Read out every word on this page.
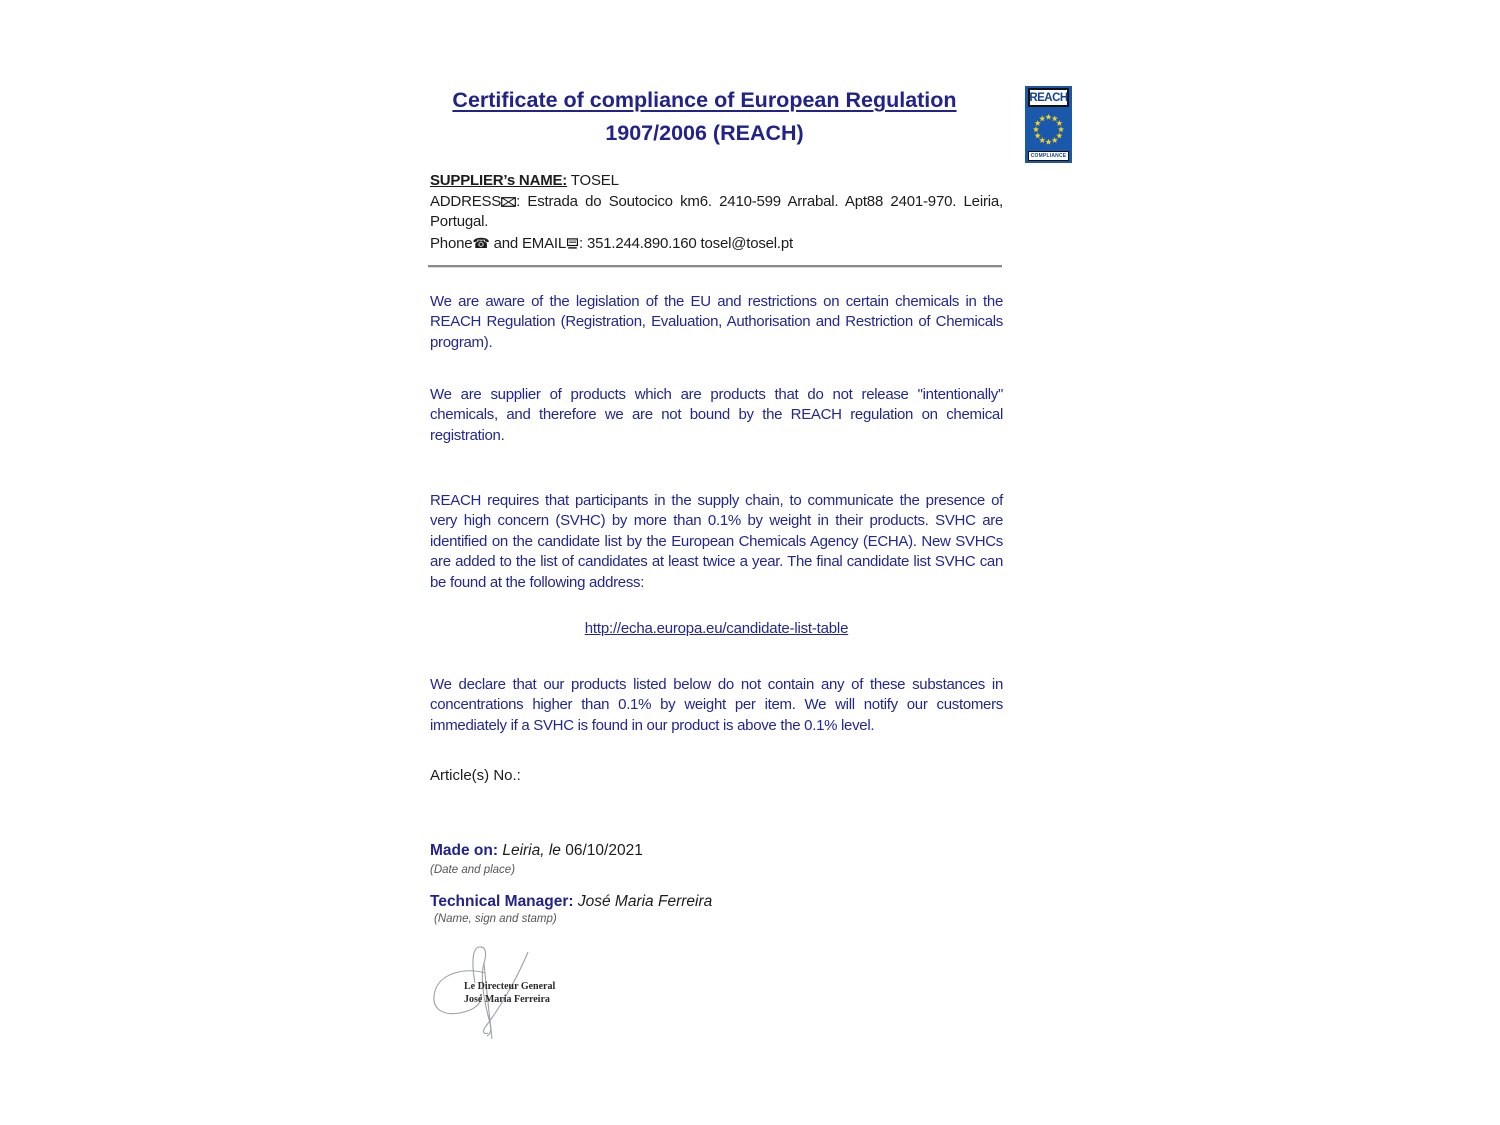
Certificate of compliance of European Regulation
1907/2006 (REACH)
REACH
COMPLIANCE
SUPPLIER’s NAME: TOSEL
ADDRESS : Estrada do Soutocico km6. 2410-599 Arrabal. Apt88 2401-970. Leiria, Portugal.
Phone☎ and EMAIL : 351.244.890.160 tosel@tosel.pt
We are aware of the legislation of the EU and restrictions on certain chemicals in the REACH Regulation (Registration, Evaluation, Authorisation and Restriction of Chemicals program).
We are supplier of products which are products that do not release "intentionally" chemicals, and therefore we are not bound by the REACH regulation on chemical registration.
REACH requires that participants in the supply chain, to communicate the presence of very high concern (SVHC) by more than 0.1% by weight in their products. SVHC are identified on the candidate list by the European Chemicals Agency (ECHA). New SVHCs are added to the list of candidates at least twice a year. The final candidate list SVHC can be found at the following address:
http://echa.europa.eu/candidate-list-table
We declare that our products listed below do not contain any of these substances in concentrations higher than 0.1% by weight per item. We will notify our customers immediately if a SVHC is found in our product is above the 0.1% level.
Article(s) No.:
Made on: Leiria, le 06/10/2021
(Date and place)
Technical Manager: José Maria Ferreira
(Name, sign and stamp)
Le Directeur General
José Maria Ferreira
